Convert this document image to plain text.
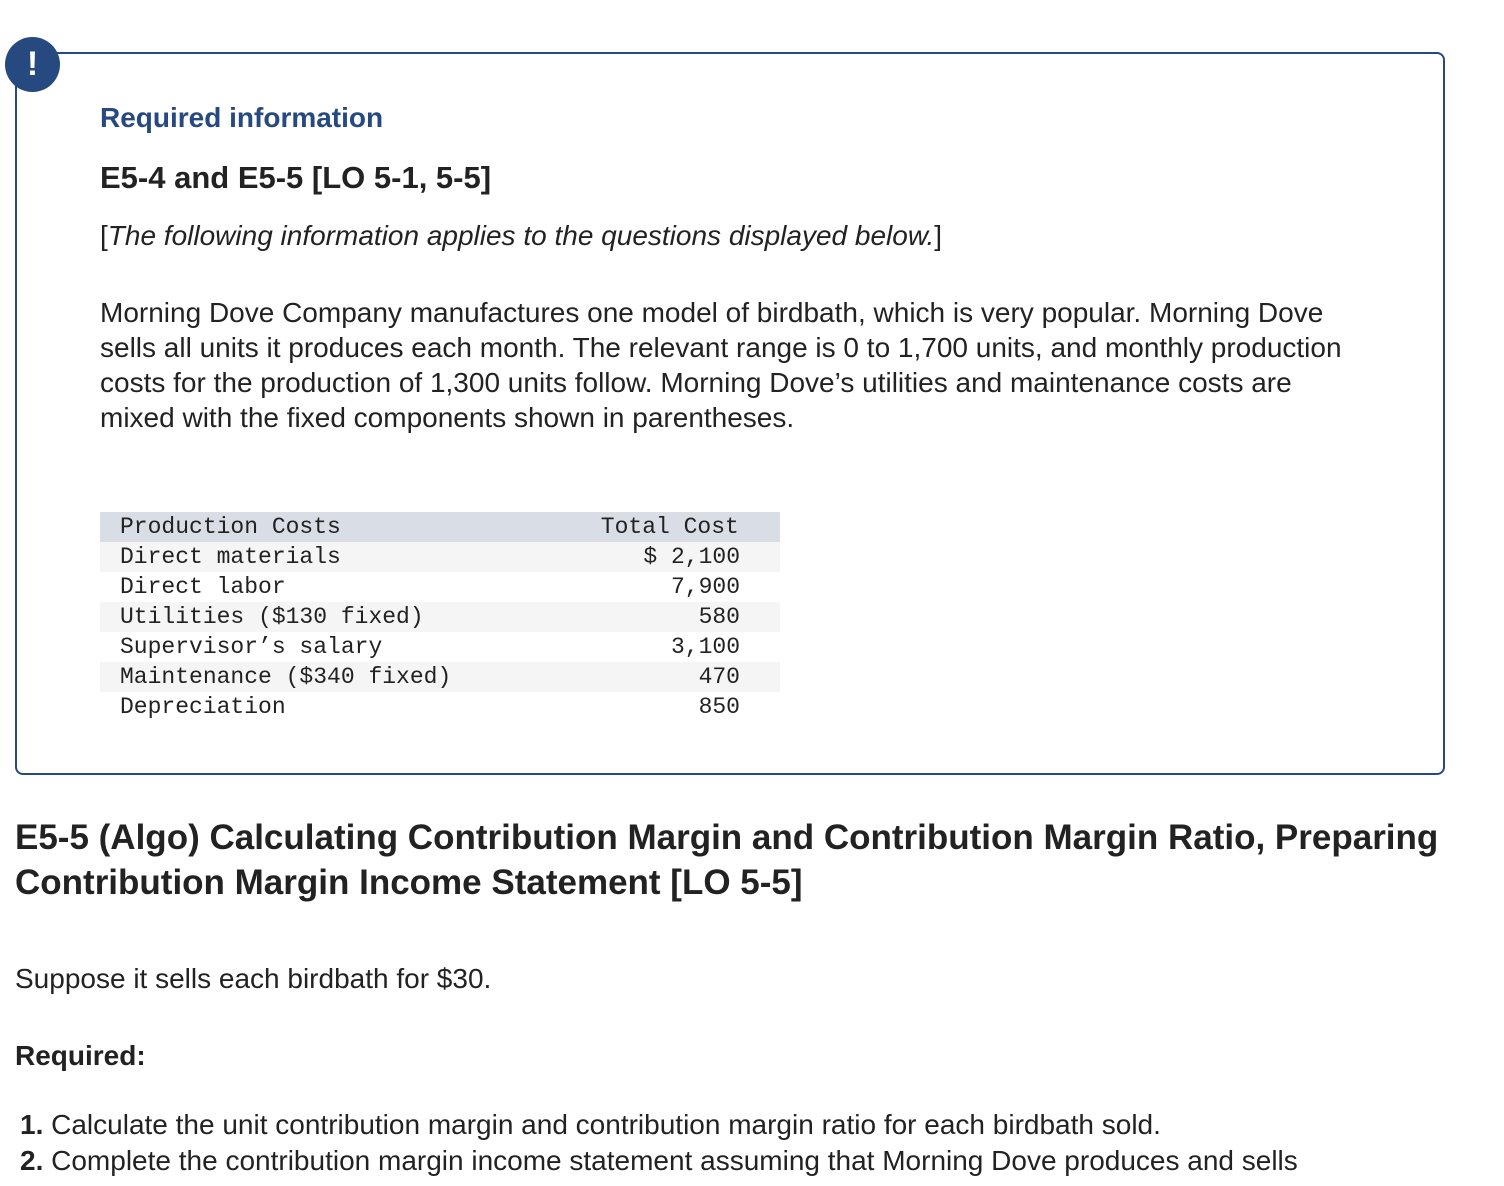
!
Required information
E5-4 and E5-5 [LO 5-1, 5-5]
[The following information applies to the questions displayed below.]
Morning Dove Company manufactures one model of birdbath, which is very popular. Morning Dove sells all units it produces each month. The relevant range is 0 to 1,700 units, and monthly production costs for the production of 1,300 units follow. Morning Dove’s utilities and maintenance costs are mixed with the fixed components shown in parentheses.
Production Costs	Total Cost
Direct materials	$ 2,100
Direct labor	7,900
Utilities ($130 fixed)	580
Supervisor’s salary	3,100
Maintenance ($340 fixed)	470
Depreciation	850
E5-5 (Algo) Calculating Contribution Margin and Contribution Margin Ratio, Preparing Contribution Margin Income Statement [LO 5-5]
Suppose it sells each birdbath for $30.
Required:
1. Calculate the unit contribution margin and contribution margin ratio for each birdbath sold.
2. Complete the contribution margin income statement assuming that Morning Dove produces and sells
